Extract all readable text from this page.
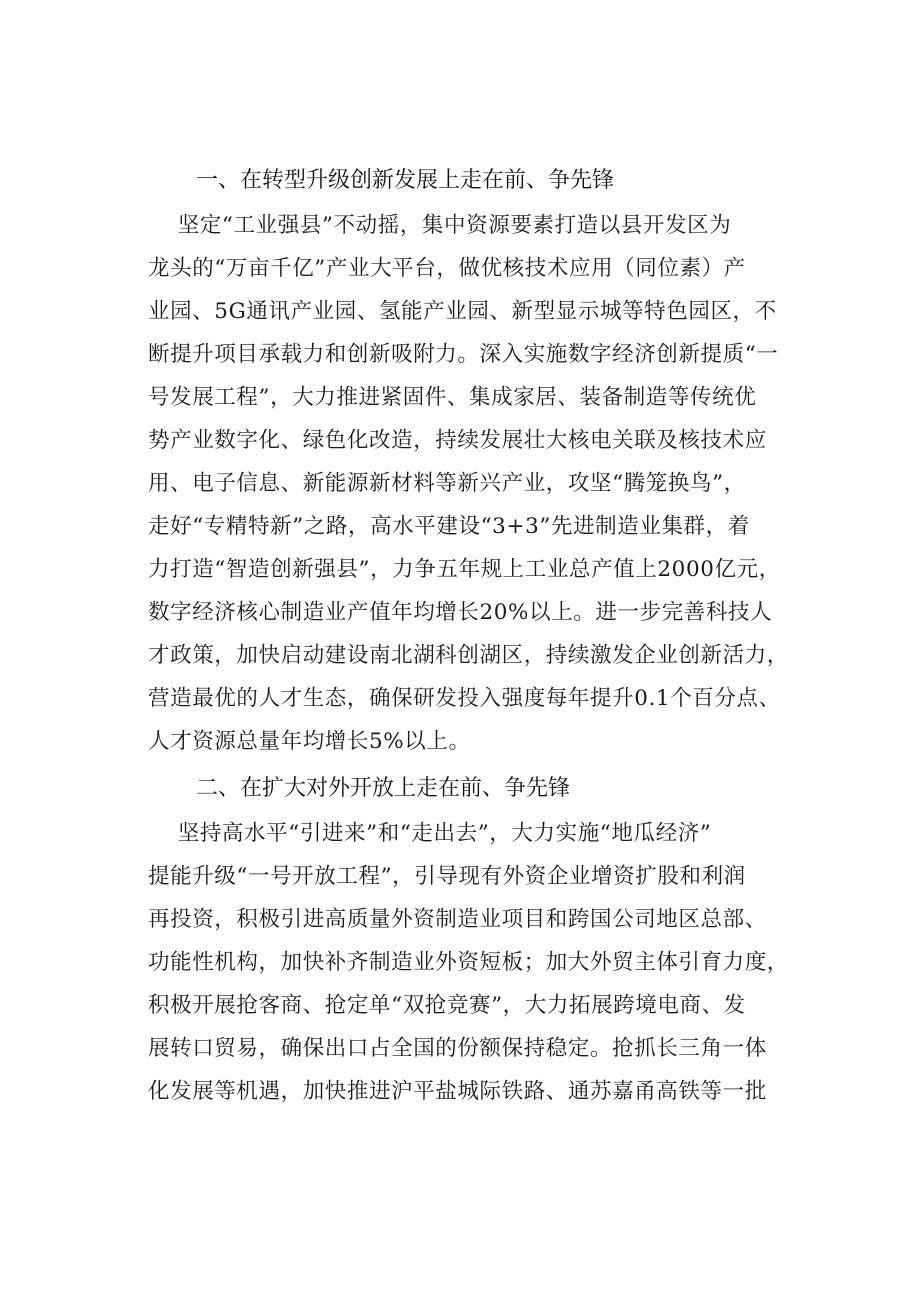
一、在转型升级创新发展上走在前、争先锋
坚定“工业强县”不动摇，集中资源要素打造以县开发区为
龙头的“万亩千亿”产业大平台，做优核技术应用（同位素）产
业园、5G通讯产业园、氢能产业园、新型显示城等特色园区，不
断提升项目承载力和创新吸附力。深入实施数字经济创新提质“一
号发展工程”，大力推进紧固件、集成家居、装备制造等传统优
势产业数字化、绿色化改造，持续发展壮大核电关联及核技术应
用、电子信息、新能源新材料等新兴产业，攻坚“腾笼换鸟”，
走好“专精特新”之路，高水平建设“3+3”先进制造业集群，着
力打造“智造创新强县”，力争五年规上工业总产值上2000亿元，
数字经济核心制造业产值年均增长20%以上。进一步完善科技人
才政策，加快启动建设南北湖科创湖区，持续激发企业创新活力，
营造最优的人才生态，确保研发投入强度每年提升0.1个百分点、
人才资源总量年均增长5%以上。
二、在扩大对外开放上走在前、争先锋
坚持高水平“引进来”和“走出去”，大力实施“地瓜经济”
提能升级“一号开放工程”，引导现有外资企业增资扩股和利润
再投资，积极引进高质量外资制造业项目和跨国公司地区总部、
功能性机构，加快补齐制造业外资短板；加大外贸主体引育力度，
积极开展抢客商、抢定单“双抢竞赛”，大力拓展跨境电商、发
展转口贸易，确保出口占全国的份额保持稳定。抢抓长三角一体
化发展等机遇，加快推进沪平盐城际铁路、通苏嘉甬高铁等一批
